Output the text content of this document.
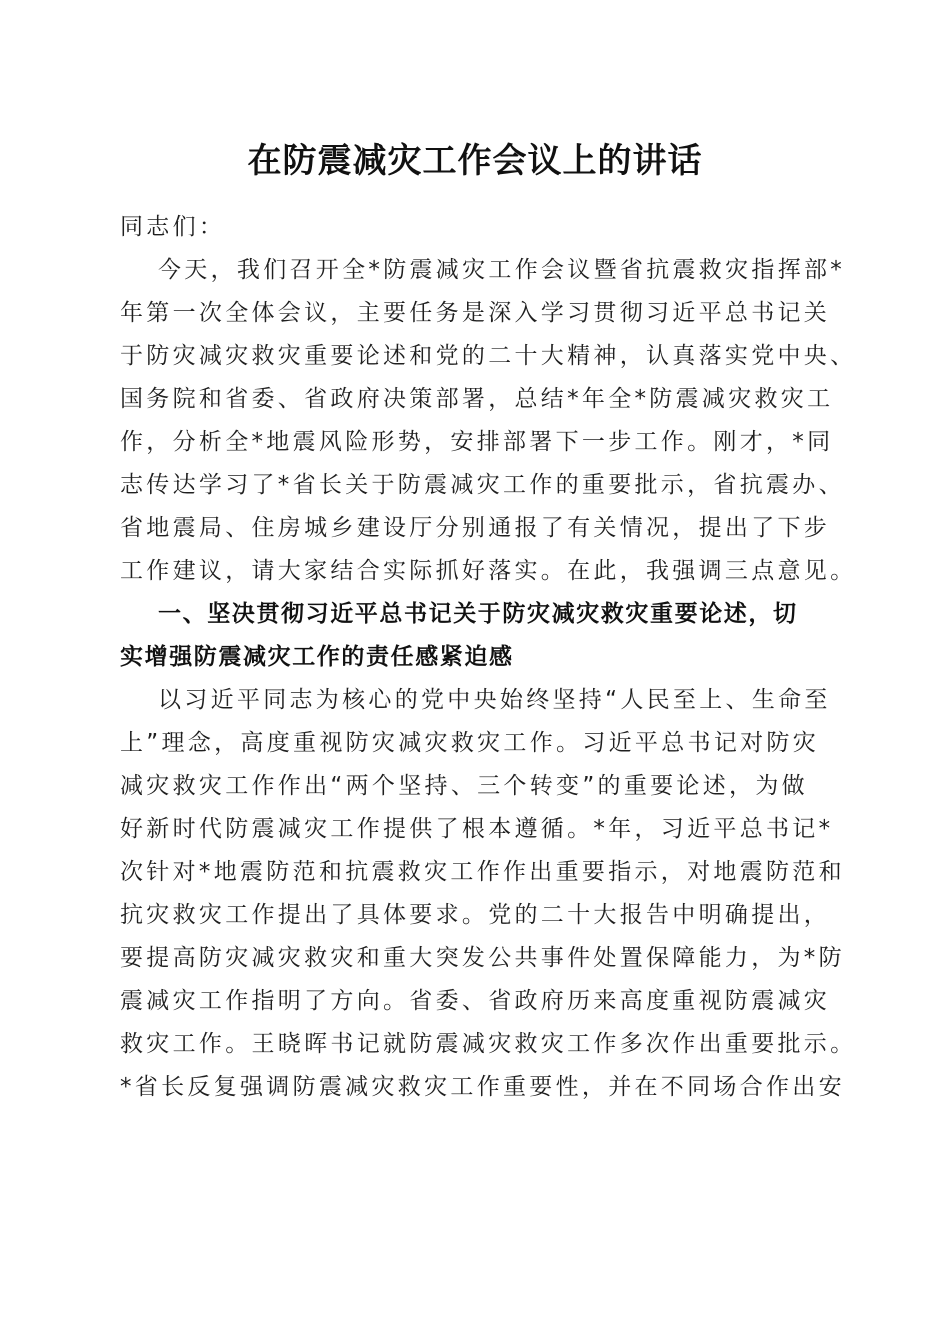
在防震减灾工作会议上的讲话
同志们：
今天，我们召开全*防震减灾工作会议暨省抗震救灾指挥部*
年第一次全体会议，主要任务是深入学习贯彻习近平总书记关
于防灾减灾救灾重要论述和党的二十大精神，认真落实党中央、
国务院和省委、省政府决策部署，总结*年全*防震减灾救灾工
作，分析全*地震风险形势，安排部署下一步工作。刚才，*同
志传达学习了*省长关于防震减灾工作的重要批示，省抗震办、
省地震局、住房城乡建设厅分别通报了有关情况，提出了下步
工作建议，请大家结合实际抓好落实。在此，我强调三点意见。
一、坚决贯彻习近平总书记关于防灾减灾救灾重要论述，切
实增强防震减灾工作的责任感紧迫感
以习近平同志为核心的党中央始终坚持“人民至上、生命至
上”理念，高度重视防灾减灾救灾工作。习近平总书记对防灾
减灾救灾工作作出“两个坚持、三个转变”的重要论述，为做
好新时代防震减灾工作提供了根本遵循。*年，习近平总书记*
次针对*地震防范和抗震救灾工作作出重要指示，对地震防范和
抗灾救灾工作提出了具体要求。党的二十大报告中明确提出，
要提高防灾减灾救灾和重大突发公共事件处置保障能力，为*防
震减灾工作指明了方向。省委、省政府历来高度重视防震减灾
救灾工作。王晓晖书记就防震减灾救灾工作多次作出重要批示。
*省长反复强调防震减灾救灾工作重要性，并在不同场合作出安
